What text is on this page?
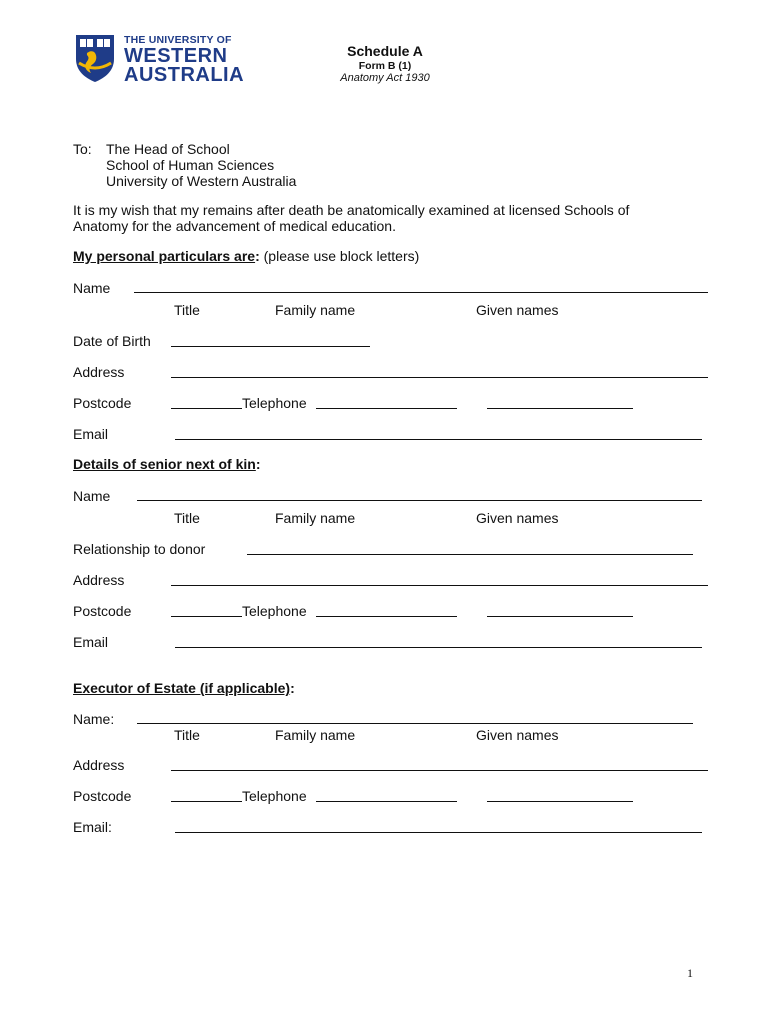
THE UNIVERSITY OF
WESTERN
AUSTRALIA
Schedule A
Form B (1)
Anatomy Act 1930
To: The Head of School
School of Human Sciences
University of Western Australia
It is my wish that my remains after death be anatomically examined at licensed Schools of
Anatomy for the advancement of medical education.
My personal particulars are: (please use block letters)
Name
Title	Family name	Given names
Date of Birth
Address
Postcode	Telephone
Email
Details of senior next of kin:
Name
Title	Family name	Given names
Relationship to donor
Address
Postcode	Telephone
Email
Executor of Estate (if applicable):
Name:
Title	Family name	Given names
Address
Postcode	Telephone
Email:
1
